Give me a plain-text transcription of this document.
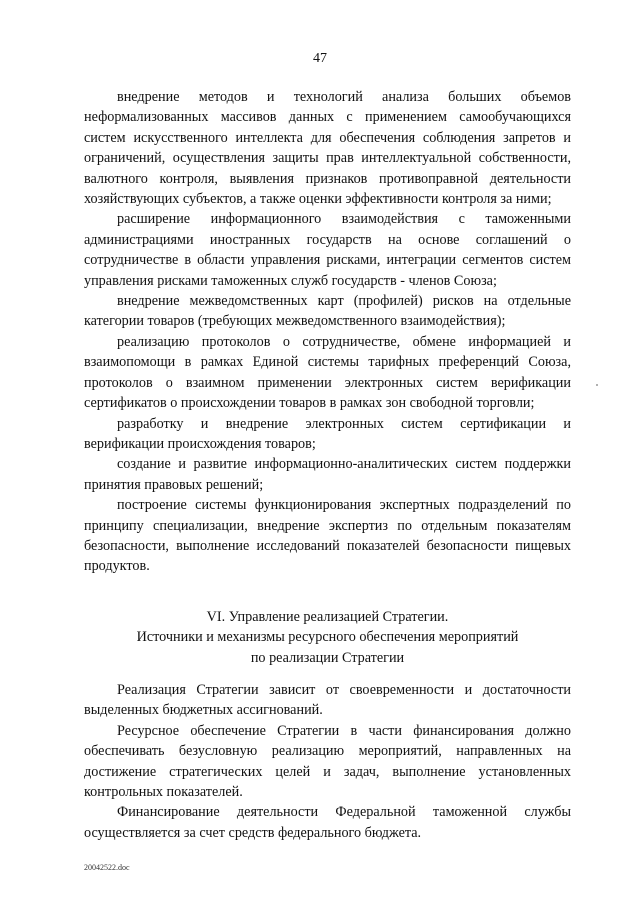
47

внедрение методов и технологий анализа больших объемов неформализованных массивов данных с применением самообучающихся систем искусственного интеллекта для обеспечения соблюдения запретов и ограничений, осуществления защиты прав интеллектуальной собственности, валютного контроля, выявления признаков противоправной деятельности хозяйствующих субъектов, а также оценки эффективности контроля за ними;

расширение информационного взаимодействия с таможенными администрациями иностранных государств на основе соглашений о сотрудничестве в области управления рисками, интеграции сегментов систем управления рисками таможенных служб государств - членов Союза;

внедрение межведомственных карт (профилей) рисков на отдельные категории товаров (требующих межведомственного взаимодействия);

реализацию протоколов о сотрудничестве, обмене информацией и взаимопомощи в рамках Единой системы тарифных преференций Союза, протоколов о взаимном применении электронных систем верификации сертификатов о происхождении товаров в рамках зон свободной торговли;

разработку и внедрение электронных систем сертификации и верификации происхождения товаров;

создание и развитие информационно-аналитических систем поддержки принятия правовых решений;

построение системы функционирования экспертных подразделений по принципу специализации, внедрение экспертиз по отдельным показателям безопасности, выполнение исследований показателей безопасности пищевых продуктов.

VI. Управление реализацией Стратегии.
Источники и механизмы ресурсного обеспечения мероприятий
по реализации Стратегии

Реализация Стратегии зависит от своевременности и достаточности выделенных бюджетных ассигнований.

Ресурсное обеспечение Стратегии в части финансирования должно обеспечивать безусловную реализацию мероприятий, направленных на достижение стратегических целей и задач, выполнение установленных контрольных показателей.

Финансирование деятельности Федеральной таможенной службы осуществляется за счет средств федерального бюджета.

20042522.doc
